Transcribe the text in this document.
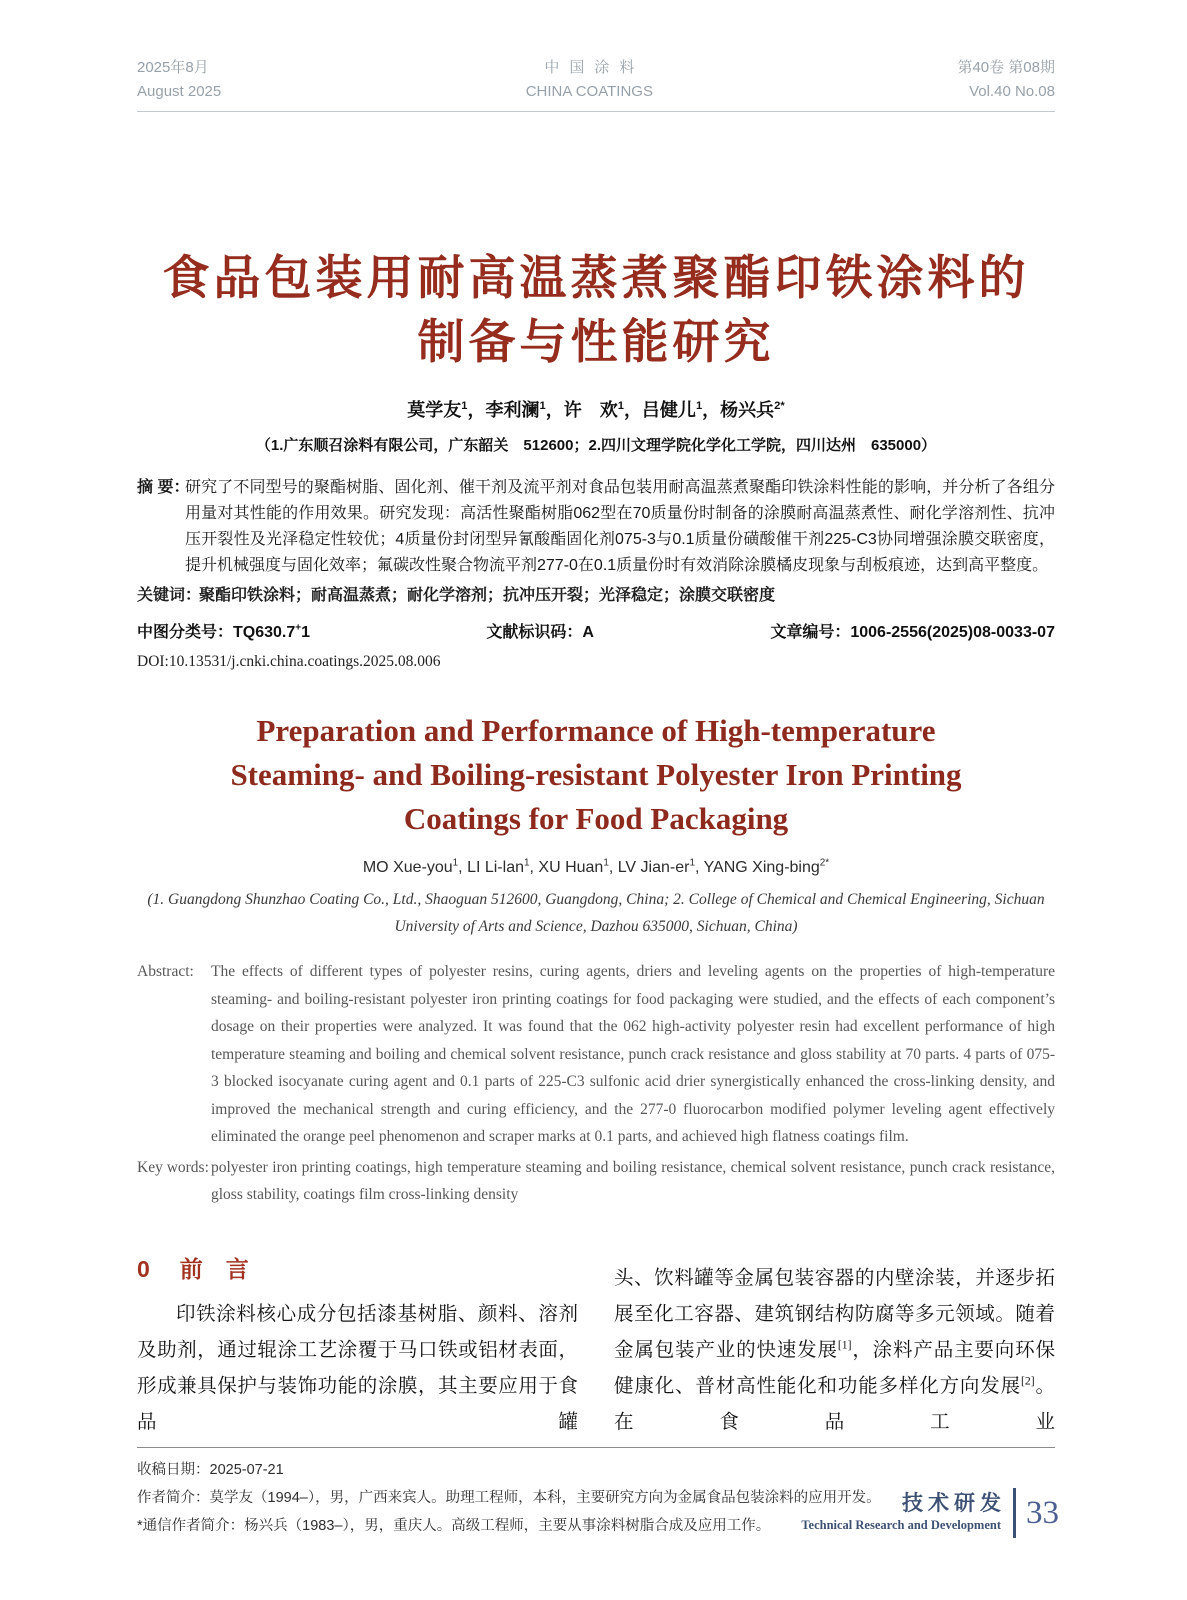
2025年8月
August 2025
中国涂料
CHINA COATINGS
第40卷 第08期
Vol.40 No.08
食品包装用耐高温蒸煮聚酯印铁涂料的
制备与性能研究
莫学友$^1$，李利澜$^1$，许　欢$^1$，吕健儿$^1$，杨兴兵$^{2*}$
（1.广东顺召涂料有限公司，广东韶关　512600；2.四川文理学院化学化工学院，四川达州　635000）
摘 要：
研究了不同型号的聚酯树脂、固化剂、催干剂及流平剂对食品包装用耐高温蒸煮聚酯印铁涂料性能的影响，并分析了各组分用量对其性能的作用效果。研究发现：高活性聚酯树脂062型在70质量份时制备的涂膜耐高温蒸煮性、耐化学溶剂性、抗冲压开裂性及光泽稳定性较优；4质量份封闭型异氰酸酯固化剂075-3与0.1质量份磺酸催干剂225-C3协同增强涂膜交联密度，提升机械强度与固化效率；氟碳改性聚合物流平剂277-0在0.1质量份时有效消除涂膜橘皮现象与刮板痕迹，达到高平整度。
关键词：
聚酯印铁涂料；耐高温蒸煮；耐化学溶剂；抗冲压开裂；光泽稳定；涂膜交联密度
中图分类号：TQ630.7+1	文献标识码：A	文章编号：1006-2556(2025)08-0033-07
DOI:10.13531/j.cnki.china.coatings.2025.08.006
Preparation and Performance of High-temperature
Steaming- and Boiling-resistant Polyester Iron Printing
Coatings for Food Packaging
MO Xue-you$^1$, LI Li-lan$^1$, XU Huan$^1$, LV Jian-$er^1$, YANG Xing-bing$^{2*}$
(1. Guangdong Shunzhao Coating Co., Ltd., Shaoguan 512600, Guangdong, China; 2. College of Chemical and Chemical Engineering, Sichuan University of Arts and Science, Dazhou 635000, Sichuan, China)
Abstract: The effects of different types of polyester resins, curing agents, driers and leveling agents on the properties of high-temperature steaming- and boiling-resistant polyester iron printing coatings for food packaging were studied, and the effects of each component’s dosage on their properties were analyzed. It was found that the 062 high-activity polyester resin had excellent performance of high temperature steaming and boiling and chemical solvent resistance, punch crack resistance and gloss stability at 70 parts. 4 parts of 075-3 blocked isocyanate curing agent and 0.1 parts of 225-C3 sulfonic acid drier synergistically enhanced the cross-linking density, and improved the mechanical strength and curing efficiency, and the 277-0 fluorocarbon modified polymer leveling agent effectively eliminated the orange peel phenomenon and scraper marks at 0.1 parts, and achieved high flatness coatings film.
Key words: polyester iron printing coatings, high temperature steaming and boiling resistance, chemical solvent resistance, punch crack resistance, gloss stability, coatings film cross-linking density
0 前　言

印铁涂料核心成分包括漆基树脂、颜料、溶剂及助剂，通过辊涂工艺涂覆于马口铁或铝材表面，形成兼具保护与装饰功能的涂膜，其主要应用于食品罐

头、饮料罐等金属包装容器的内壁涂装，并逐步拓展至化工容器、建筑钢结构防腐等多元领域。随着金属包装产业的快速发展[1]，涂料产品主要向环保健康化、普材高性能化和功能多样化方向发展[2]。在食品工业

收稿日期：2025-07-21
作者简介：莫学友（1994–），男，广西来宾人。助理工程师，本科，主要研究方向为金属食品包装涂料的应用开发。
*通信作者简介：杨兴兵（1983–），男，重庆人。高级工程师，主要从事涂料树脂合成及应用工作。
技术研发
Technical Research and Development 33
